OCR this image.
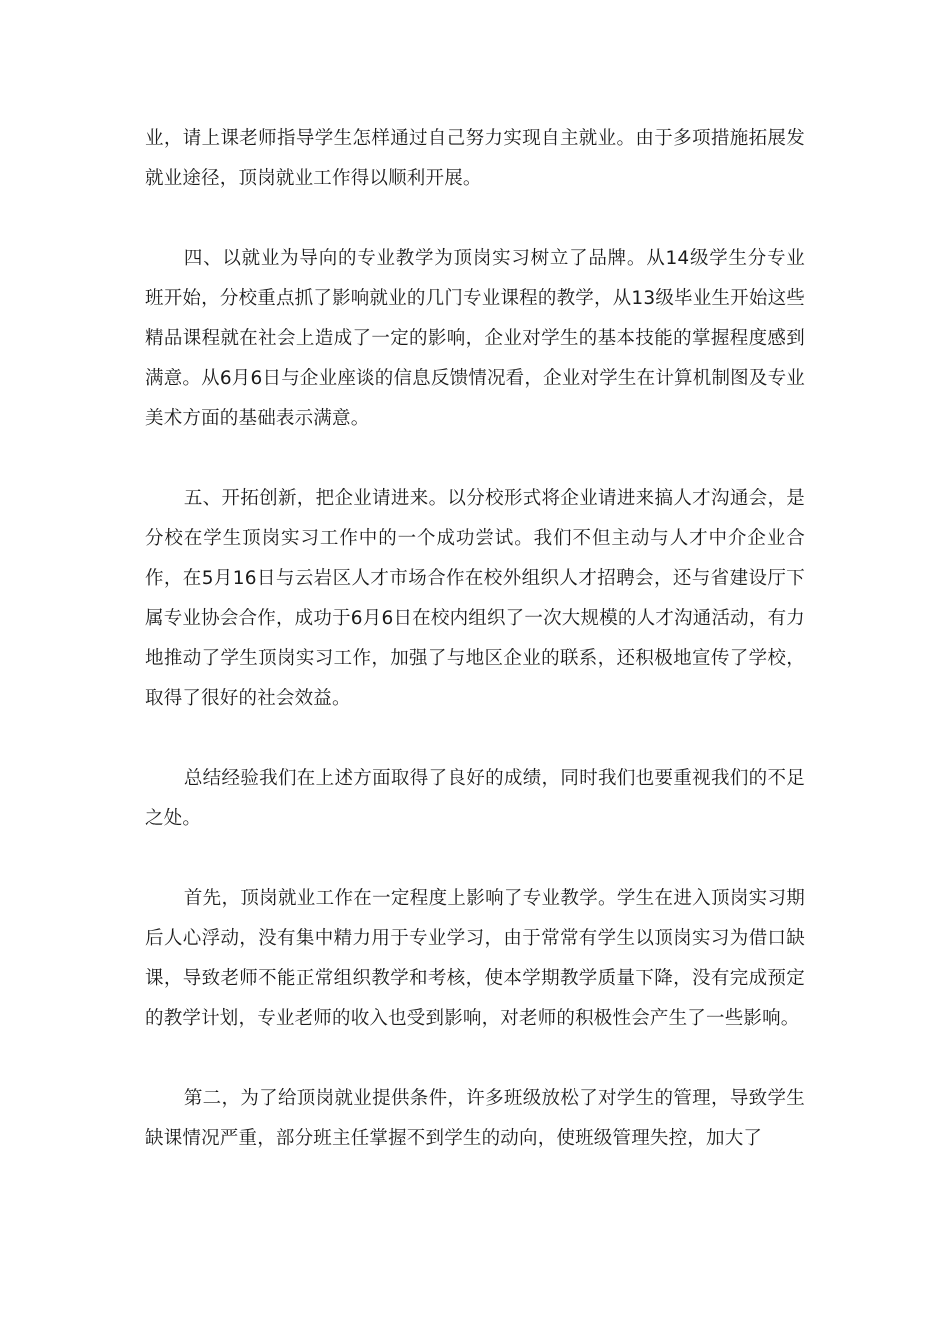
业，请上课老师指导学生怎样通过自己努力实现自主就业。由于多项措施拓展发就业途径，顶岗就业工作得以顺利开展。

四、以就业为导向的专业教学为顶岗实习树立了品牌。从14级学生分专业班开始，分校重点抓了影响就业的几门专业课程的教学，从13级毕业生开始这些精品课程就在社会上造成了一定的影响，企业对学生的基本技能的掌握程度感到满意。从6月6日与企业座谈的信息反馈情况看，企业对学生在计算机制图及专业美术方面的基础表示满意。

五、开拓创新，把企业请进来。以分校形式将企业请进来搞人才沟通会，是分校在学生顶岗实习工作中的一个成功尝试。我们不但主动与人才中介企业合作，在5月16日与云岩区人才市场合作在校外组织人才招聘会，还与省建设厅下属专业协会合作，成功于6月6日在校内组织了一次大规模的人才沟通活动，有力地推动了学生顶岗实习工作，加强了与地区企业的联系，还积极地宣传了学校，取得了很好的社会效益。

总结经验我们在上述方面取得了良好的成绩，同时我们也要重视我们的不足之处。

首先，顶岗就业工作在一定程度上影响了专业教学。学生在进入顶岗实习期后人心浮动，没有集中精力用于专业学习，由于常常有学生以顶岗实习为借口缺课，导致老师不能正常组织教学和考核，使本学期教学质量下降，没有完成预定的教学计划，专业老师的收入也受到影响，对老师的积极性会产生了一些影响。

第二，为了给顶岗就业提供条件，许多班级放松了对学生的管理，导致学生缺课情况严重，部分班主任掌握不到学生的动向，使班级管理失控，加大了
